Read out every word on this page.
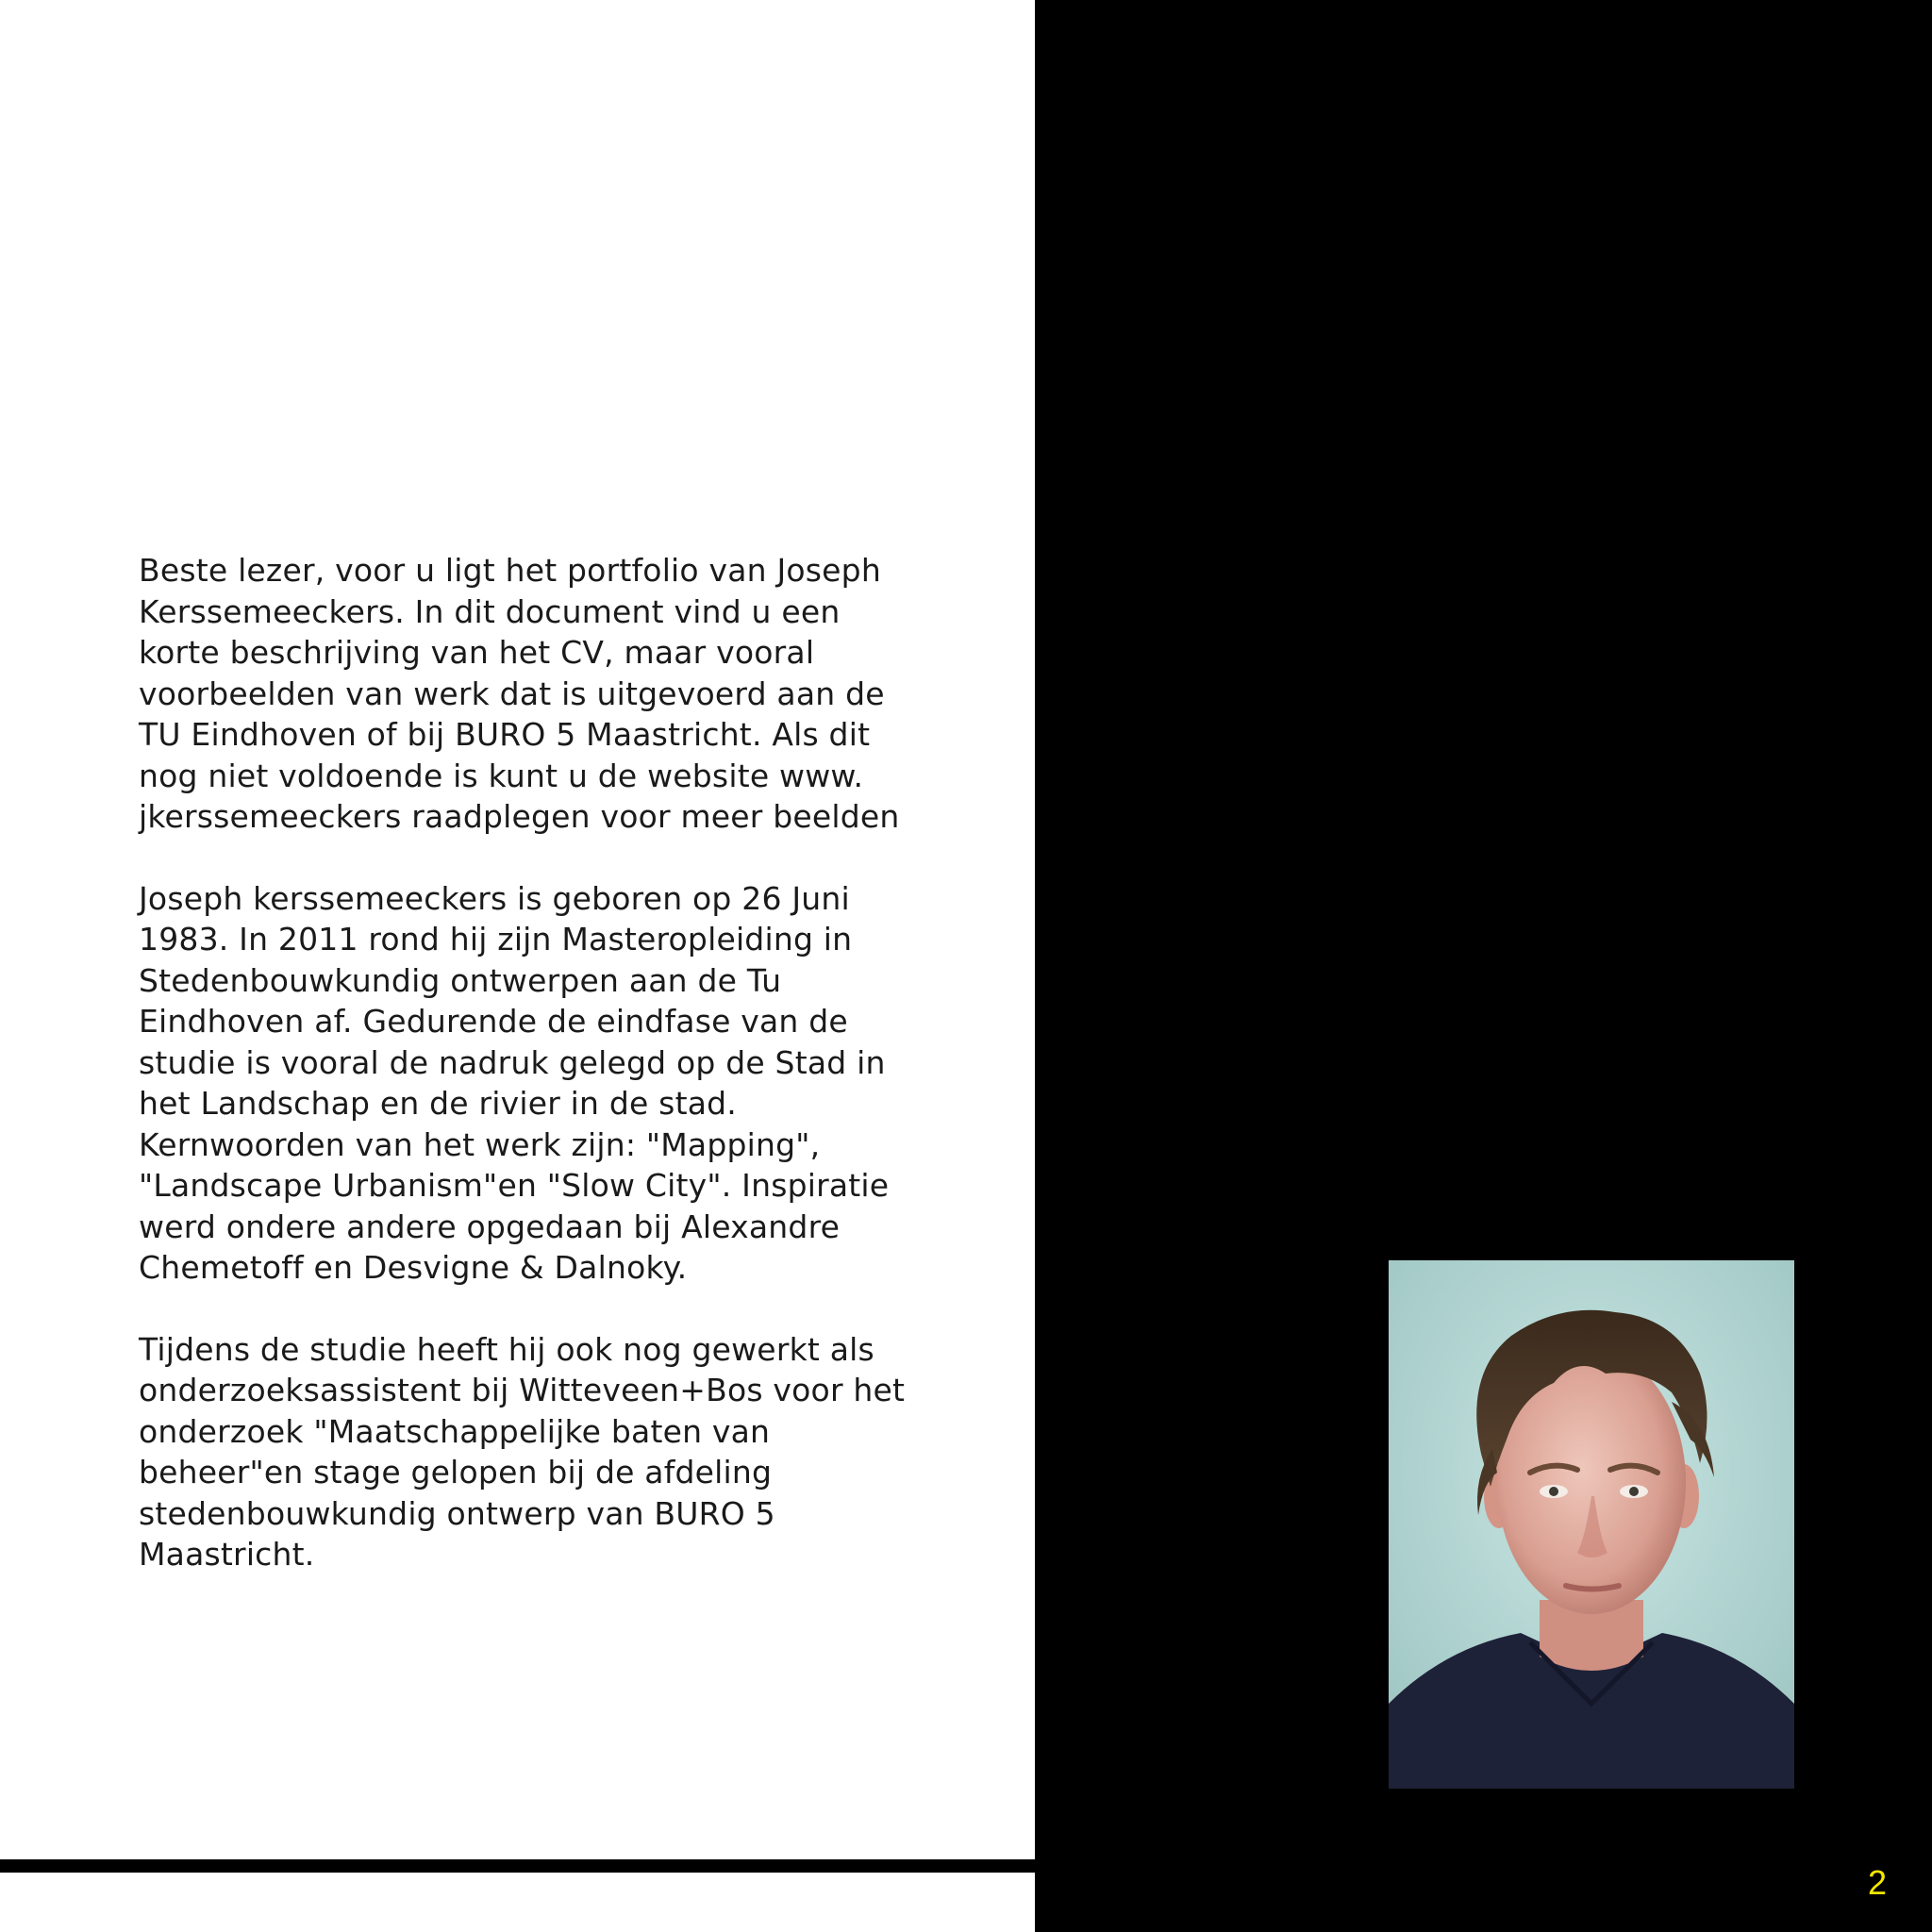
Beste lezer, voor u ligt het portfolio van Joseph Kerssemeeckers. In dit document vind u een korte beschrijving van het CV, maar vooral voorbeelden van werk dat is uitgevoerd aan de TU Eindhoven of bij BURO 5 Maastricht. Als dit nog niet voldoende is kunt u de website www. jkerssemeeckers raadplegen voor meer beelden

Joseph kerssemeeckers is geboren op 26 Juni 1983. In 2011 rond hij zijn Masteropleiding in Stedenbouwkundig ontwerpen aan de Tu Eindhoven af. Gedurende de eindfase van de studie is vooral de nadruk gelegd op de Stad in het Landschap en de rivier in de stad. Kernwoorden van het werk zijn: "Mapping", "Landscape Urbanism"en "Slow City". Inspiratie werd ondere andere opgedaan bij Alexandre Chemetoff en Desvigne & Dalnoky.

Tijdens de studie heeft hij ook nog gewerkt als onderzoeksassistent bij Witteveen+Bos voor het onderzoek "Maatschappelijke baten van beheer"en stage gelopen bij de afdeling stedenbouwkundig ontwerp van BURO 5 Maastricht.

2
